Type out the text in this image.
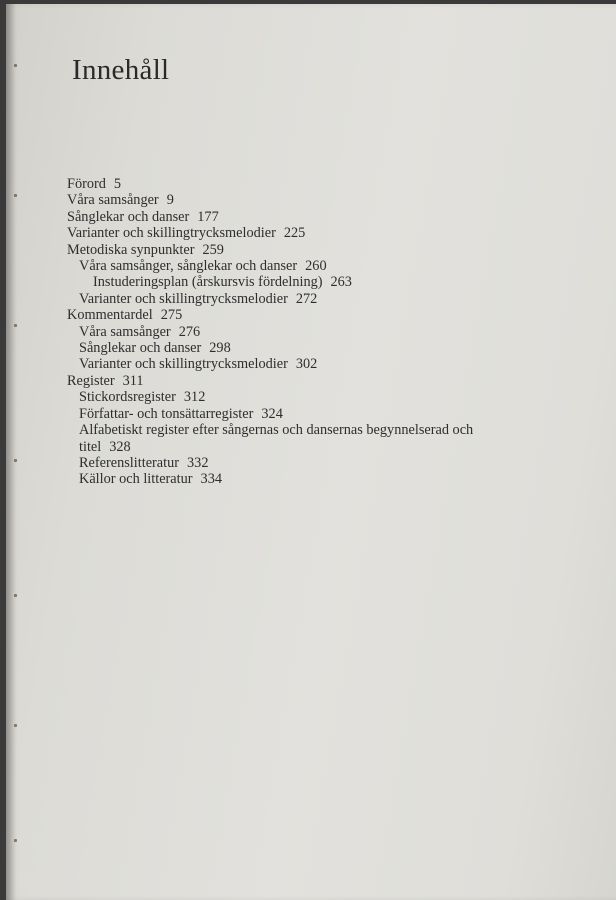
Innehåll
Förord 5
Våra samsånger 9
Sånglekar och danser 177
Varianter och skillingtrycksmelodier 225
Metodiska synpunkter 259
Våra samsånger, sånglekar och danser 260
Instuderingsplan (årskursvis fördelning) 263
Varianter och skillingtrycksmelodier 272
Kommentardel 275
Våra samsånger 276
Sånglekar och danser 298
Varianter och skillingtrycksmelodier 302
Register 311
Stickordsregister 312
Författar- och tonsättarregister 324
Alfabetiskt register efter sångernas och dansernas begynnelserad och titel 328
Referenslitteratur 332
Källor och litteratur 334
